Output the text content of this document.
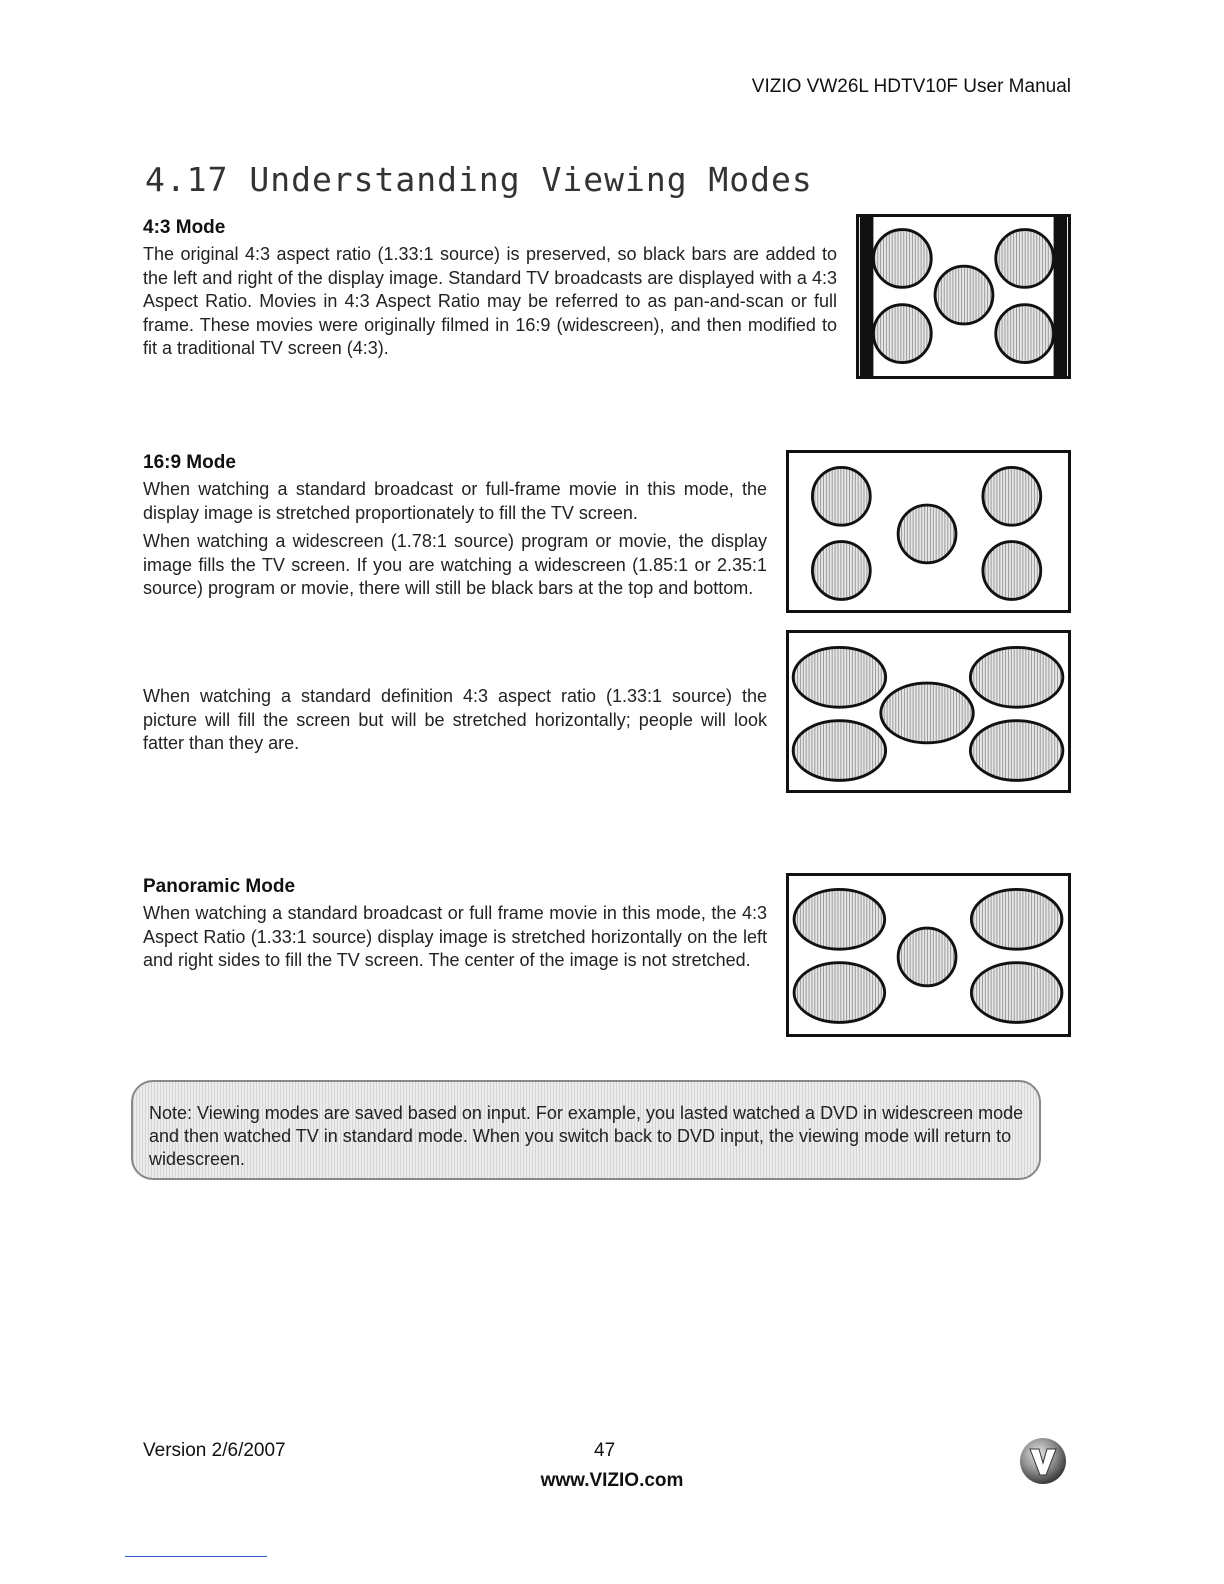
VIZIO VW26L HDTV10F User Manual
4.17 Understanding Viewing Modes

4:3 Mode

The original 4:3 aspect ratio (1.33:1 source) is preserved, so black bars are added to the left and right of the display image. Standard TV broadcasts are displayed with a 4:3 Aspect Ratio. Movies in 4:3 Aspect Ratio may be referred to as pan-and-scan or full frame. These movies were originally filmed in 16:9 (widescreen), and then modified to fit a traditional TV screen (4:3).

16:9 Mode

When watching a standard broadcast or full-frame movie in this mode, the display image is stretched proportionately to fill the TV screen.

When watching a widescreen (1.78:1 source) program or movie, the display image fills the TV screen. If you are watching a widescreen (1.85:1 or 2.35:1 source) program or movie, there will still be black bars at the top and bottom.

When watching a standard definition 4:3 aspect ratio (1.33:1 source) the picture will fill the screen but will be stretched horizontally; people will look fatter than they are.

Panoramic Mode

When watching a standard broadcast or full frame movie in this mode, the 4:3 Aspect Ratio (1.33:1 source) display image is stretched horizontally on the left and right sides to fill the TV screen. The center of the image is not stretched.

Note: Viewing modes are saved based on input. For example, you lasted watched a DVD in widescreen mode and then watched TV in standard mode. When you switch back to DVD input, the viewing mode will return to widescreen.
Version 2/6/2007	47
www.VIZIO.com
